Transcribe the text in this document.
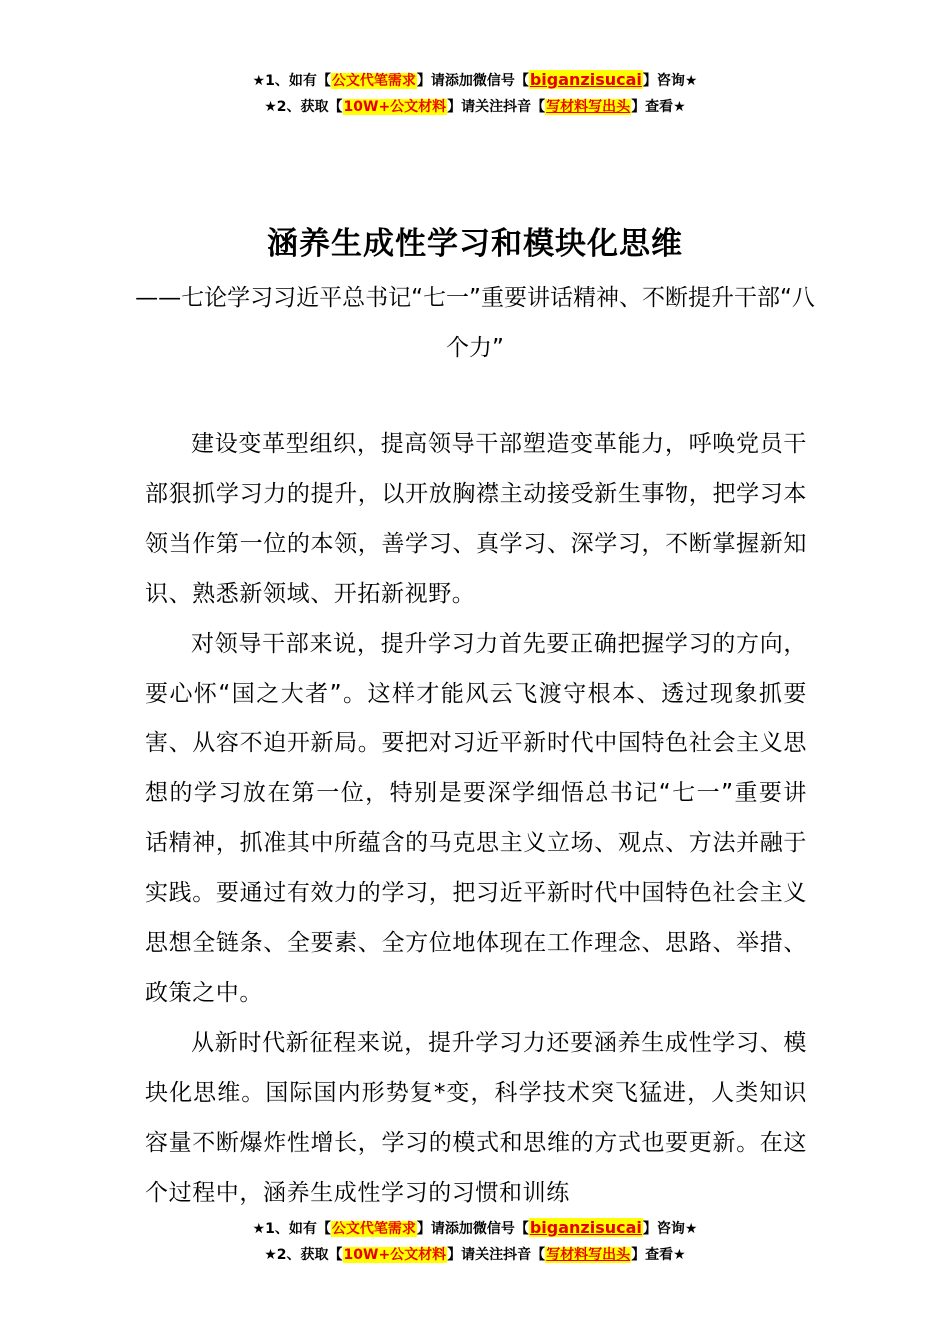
★1、如有【公文代笔需求】请添加微信号【biganzisucai】咨询★
★2、获取【10W+公文材料】请关注抖音【写材料写出头】查看★
涵养生成性学习和模块化思维
——七论学习习近平总书记“七一”重要讲话精神、不断提升干部“八个力”

建设变革型组织，提高领导干部塑造变革能力，呼唤党员干部狠抓学习力的提升，以开放胸襟主动接受新生事物，把学习本领当作第一位的本领，善学习、真学习、深学习，不断掌握新知识、熟悉新领域、开拓新视野。

对领导干部来说，提升学习力首先要正确把握学习的方向，要心怀“国之大者”。这样才能风云飞渡守根本、透过现象抓要害、从容不迫开新局。要把对习近平新时代中国特色社会主义思想的学习放在第一位，特别是要深学细悟总书记“七一”重要讲话精神，抓准其中所蕴含的马克思主义立场、观点、方法并融于实践。要通过有效力的学习，把习近平新时代中国特色社会主义思想全链条、全要素、全方位地体现在工作理念、思路、举措、政策之中。

从新时代新征程来说，提升学习力还要涵养生成性学习、模块化思维。国际国内形势复*变，科学技术突飞猛进，人类知识容量不断爆炸性增长，学习的模式和思维的方式也要更新。在这个过程中，涵养生成性学习的习惯和训练

★1、如有【公文代笔需求】请添加微信号【biganzisucai】咨询★
★2、获取【10W+公文材料】请关注抖音【写材料写出头】查看★
